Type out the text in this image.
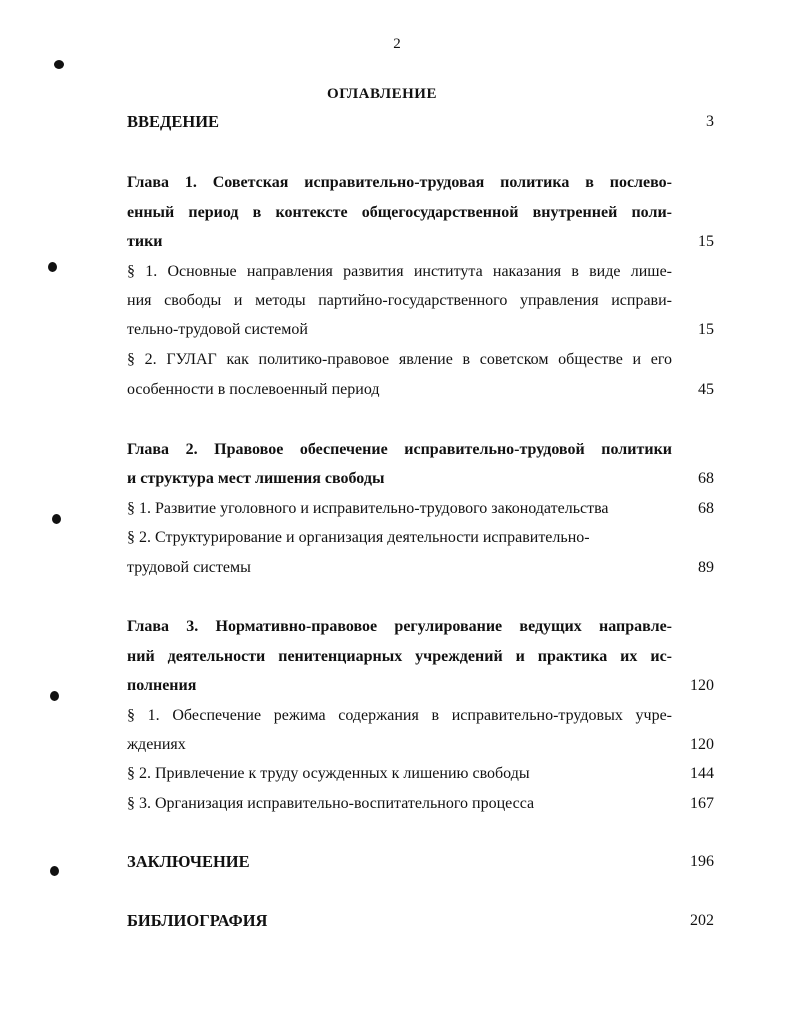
2
ОГЛАВЛЕНИЕ
ВВЕДЕНИЕ	3
Глава 1. Советская исправительно-трудовая политика в послево-
енный период в контексте общегосударственной внутренней поли-
тики	15
§ 1. Основные направления развития института наказания в виде лише-
ния свободы и методы партийно-государственного управления исправи-
тельно-трудовой системой	15
§ 2. ГУЛАГ как политико-правовое явление в советском обществе и его
особенности в послевоенный период	45
Глава 2. Правовое обеспечение исправительно-трудовой политики
и структура мест лишения свободы	68
§ 1. Развитие уголовного и исправительно-трудового законодательства	68
§ 2. Структурирование и организация деятельности исправительно-
трудовой системы	89
Глава 3. Нормативно-правовое регулирование ведущих направле-
ний деятельности пенитенциарных учреждений и практика их ис-
полнения	120
§ 1. Обеспечение режима содержания в исправительно-трудовых учре-
ждениях	120
§ 2. Привлечение к труду осужденных к лишению свободы	144
§ 3. Организация исправительно-воспитательного процесса	167
ЗАКЛЮЧЕНИЕ	196
БИБЛИОГРАФИЯ	202
